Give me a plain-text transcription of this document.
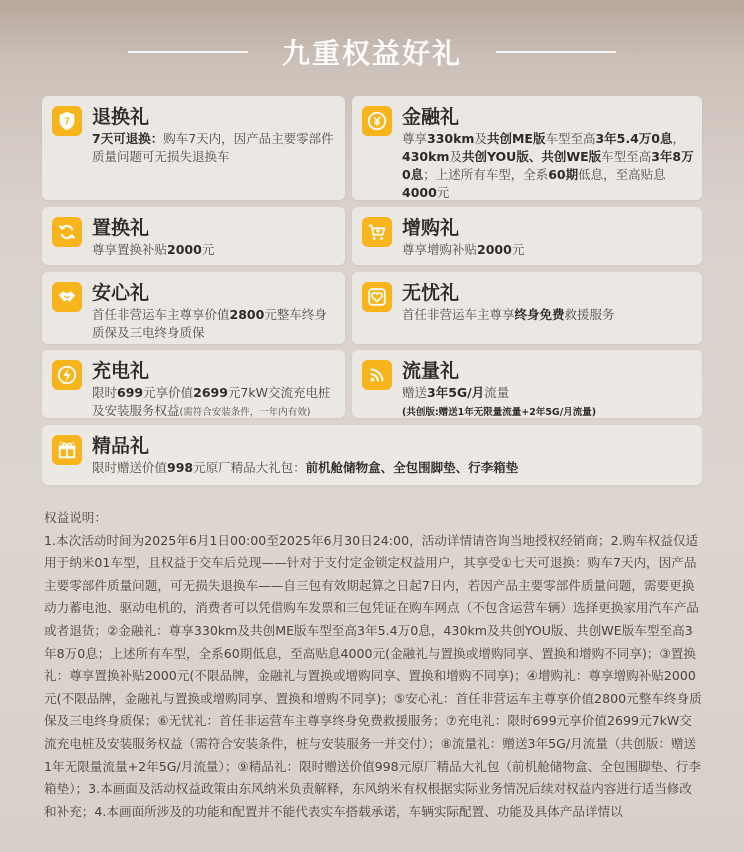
九重权益好礼
7 退换礼
7天可退换：购车7天内，因产品主要零部件质量问题可无损失退换车
金融礼
尊享330km及共创ME版车型至高3年5.4万0息，430km及共创YOU版、共创WE版车型至高3年8万0息；上述所有车型，全系60期低息，至高贴息4000元
置换礼
尊享置换补贴2000元
增购礼
尊享增购补贴2000元
安心礼
首任非营运车主尊享价值2800元整车终身质保及三电终身质保
无忧礼
首任非营运车主尊享终身免费救援服务
充电礼
限时699元享价值2699元7kW交流充电桩及安装服务权益(需符合安装条件，一年内有效)
流量礼
赠送3年5G/月流量
(共创版:赠送1年无限量流量+2年5G/月流量)
精品礼
限时赠送价值998元原厂精品大礼包：前机舱储物盒、全包围脚垫、行李箱垫

权益说明：

1.本次活动时间为2025年6月1日00:00至2025年6月30日24:00，活动详情请咨询当地授权经销商；2.购车权益仅适用于纳米01车型，且权益于交车后兑现——针对于支付定金锁定权益用户，其享受①七天可退换：购车7天内，因产品主要零部件质量问题，可无损失退换车——自三包有效期起算之日起7日内，若因产品主要零部件质量问题，需要更换动力蓄电池、驱动电机的，消费者可以凭借购车发票和三包凭证在购车网点（不包含运营车辆）选择更换家用汽车产品或者退货；②金融礼：尊享330km及共创ME版车型至高3年5.4万0息，430km及共创YOU版、共创WE版车型至高3年8万0息；上述所有车型，全系60期低息，至高贴息4000元(金融礼与置换或增购同享、置换和增购不同享)；③置换礼：尊享置换补贴2000元(不限品牌，金融礼与置换或增购同享、置换和增购不同享)；④增购礼：尊享增购补贴2000元(不限品牌，金融礼与置换或增购同享、置换和增购不同享)；⑤安心礼：首任非营运车主尊享价值2800元整车终身质保及三电终身质保；⑥无忧礼：首任非运营车主尊享终身免费救援服务；⑦充电礼：限时699元享价值2699元7kW交流充电桩及安装服务权益（需符合安装条件，桩与安装服务一并交付）；⑧流量礼：赠送3年5G/月流量（共创版：赠送1年无限量流量+2年5G/月流量）；⑨精品礼：限时赠送价值998元原厂精品大礼包（前机舱储物盒、全包围脚垫、行李箱垫）；3.本画面及活动权益政策由东风纳米负责解释，东风纳米有权根据实际业务情况后续对权益内容进行适当修改和补充；4.本画面所涉及的功能和配置并不能代表实车搭载承诺，车辆实际配置、功能及具体产品详情以
